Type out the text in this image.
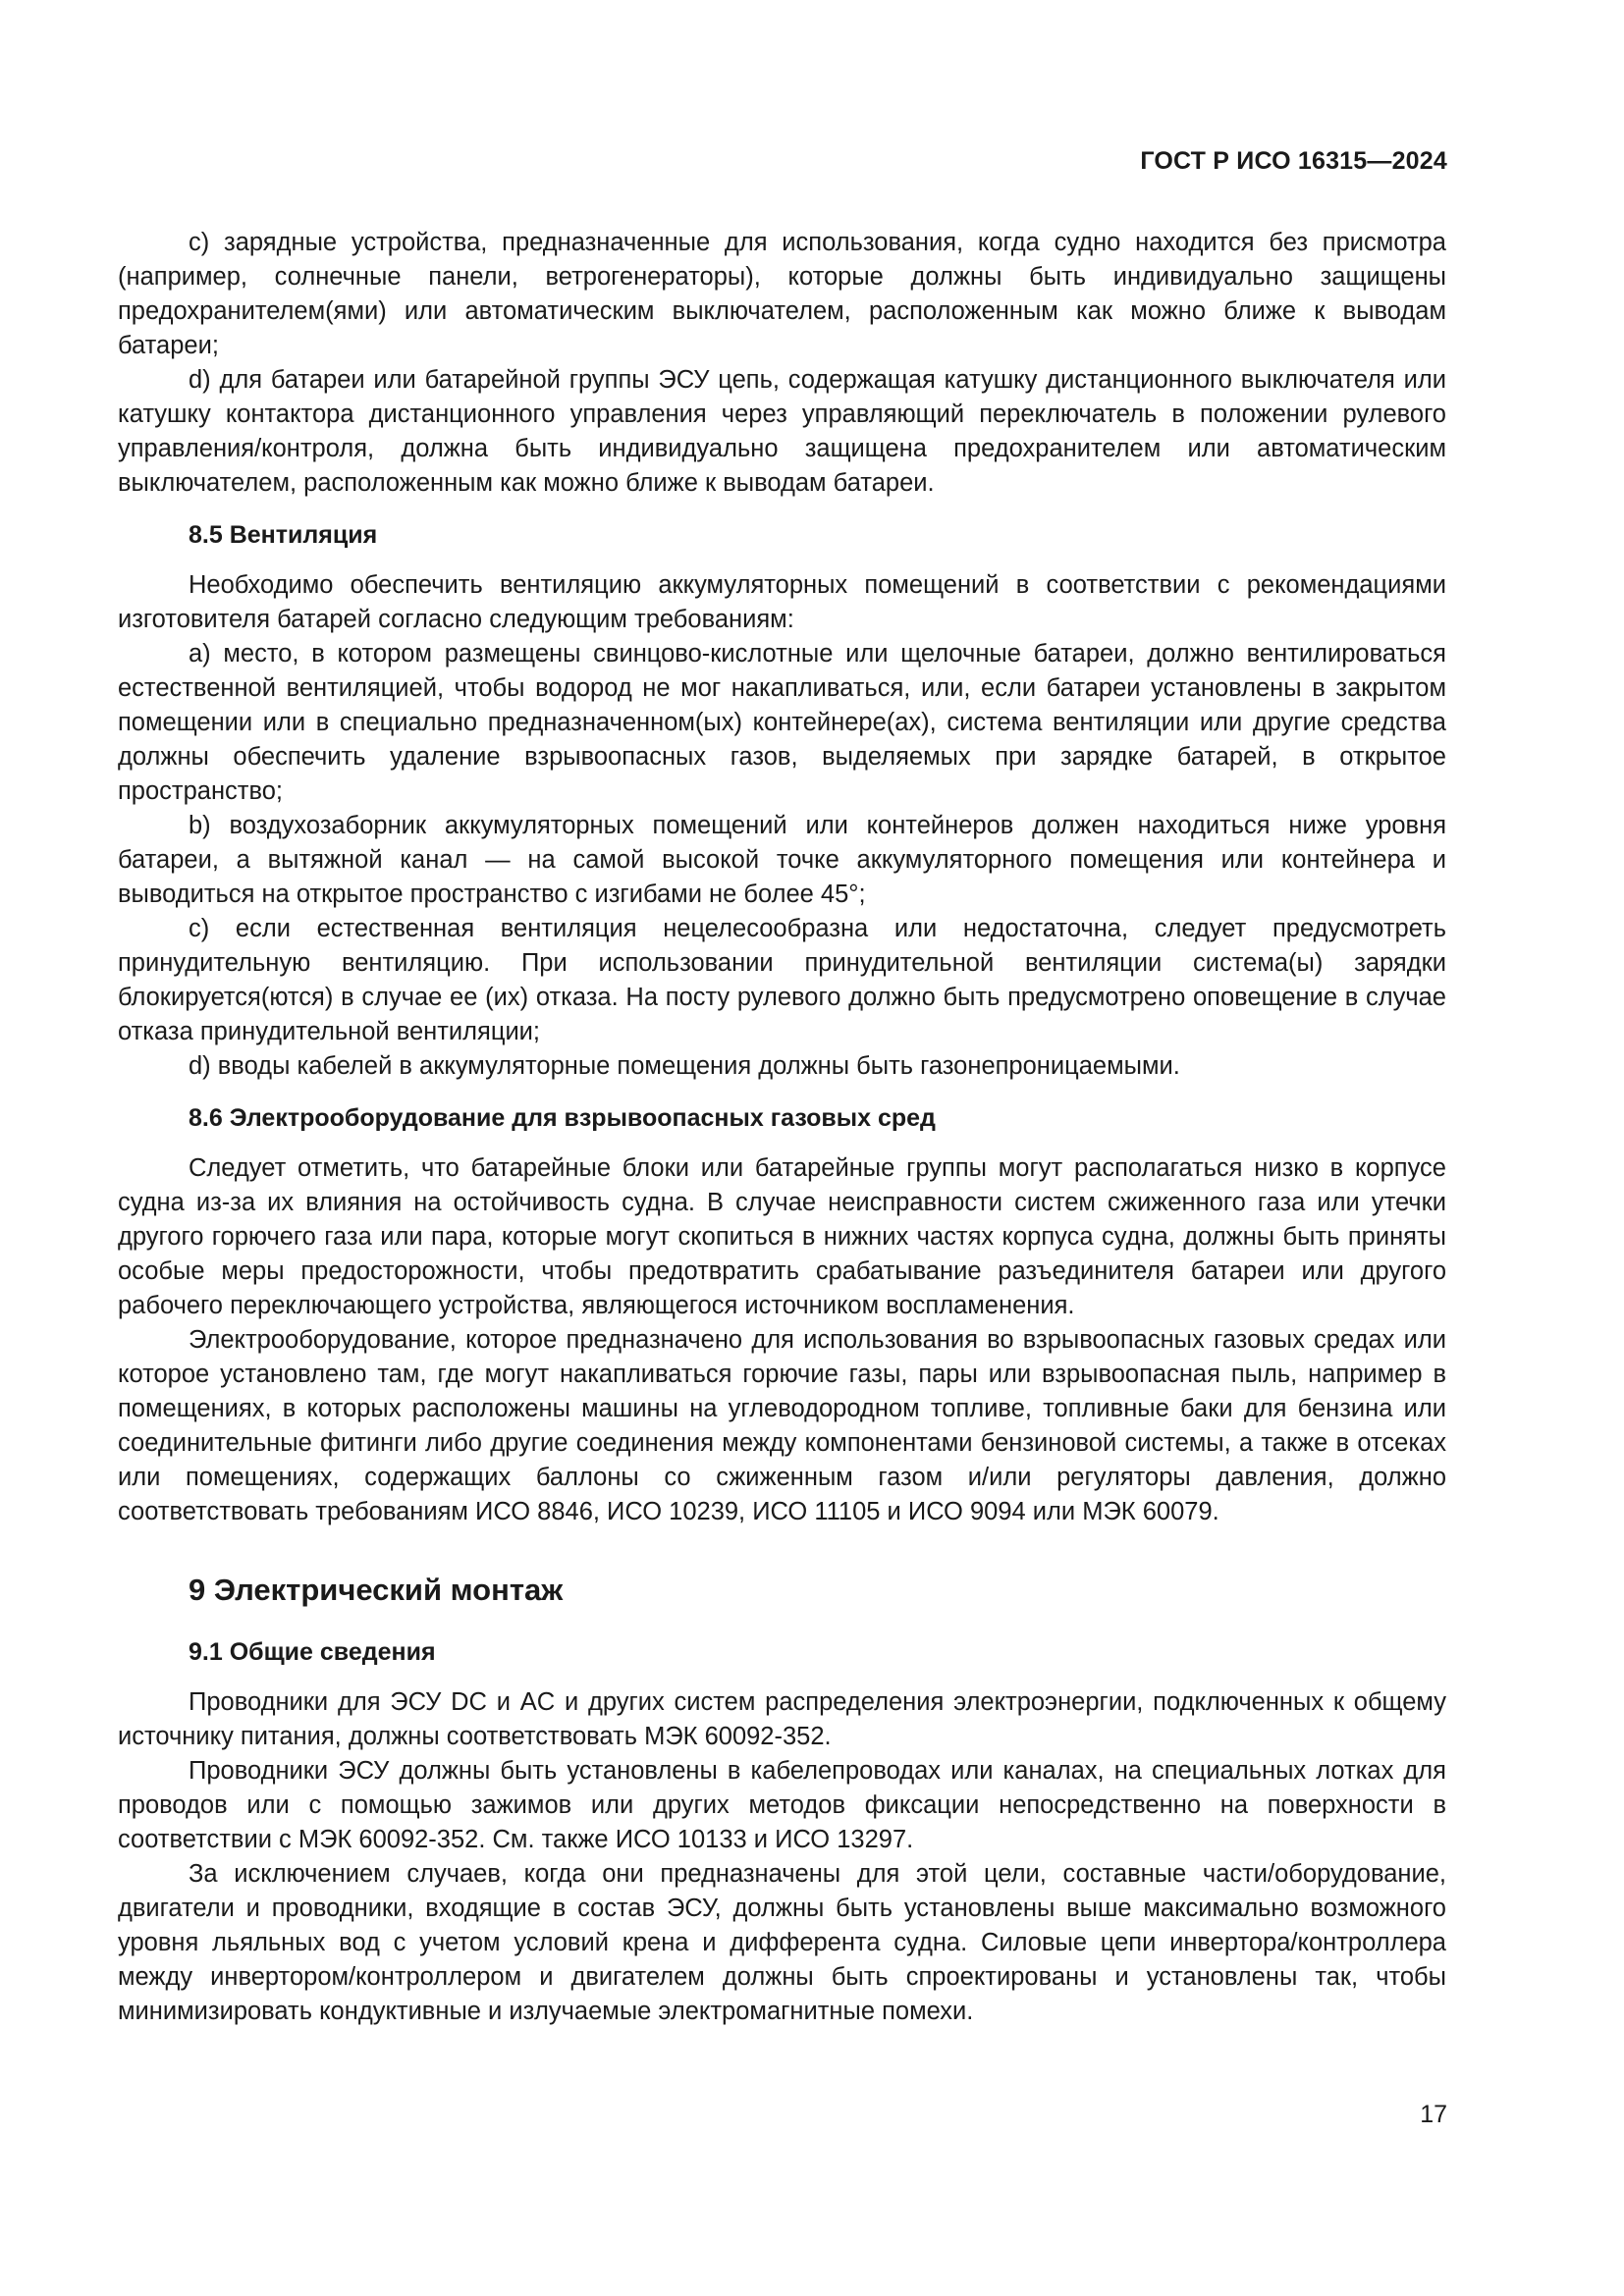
ГОСТ Р ИСО 16315—2024

c) зарядные устройства, предназначенные для использования, когда судно находится без присмотра (например, солнечные панели, ветрогенераторы), которые должны быть индивидуально защищены предохранителем(ями) или автоматическим выключателем, расположенным как можно ближе к выводам батареи;

d) для батареи или батарейной группы ЭСУ цепь, содержащая катушку дистанционного выключателя или катушку контактора дистанционного управления через управляющий переключатель в положении рулевого управления/контроля, должна быть индивидуально защищена предохранителем или автоматическим выключателем, расположенным как можно ближе к выводам батареи.

8.5 Вентиляция

Необходимо обеспечить вентиляцию аккумуляторных помещений в соответствии с рекомендациями изготовителя батарей согласно следующим требованиям:

a) место, в котором размещены свинцово-кислотные или щелочные батареи, должно вентилироваться естественной вентиляцией, чтобы водород не мог накапливаться, или, если батареи установлены в закрытом помещении или в специально предназначенном(ых) контейнере(ах), система вентиляции или другие средства должны обеспечить удаление взрывоопасных газов, выделяемых при зарядке батарей, в открытое пространство;

b) воздухозаборник аккумуляторных помещений или контейнеров должен находиться ниже уровня батареи, а вытяжной канал — на самой высокой точке аккумуляторного помещения или контейнера и выводиться на открытое пространство с изгибами не более 45°;

c) если естественная вентиляция нецелесообразна или недостаточна, следует предусмотреть принудительную вентиляцию. При использовании принудительной вентиляции система(ы) зарядки блокируется(ются) в случае ее (их) отказа. На посту рулевого должно быть предусмотрено оповещение в случае отказа принудительной вентиляции;

d) вводы кабелей в аккумуляторные помещения должны быть газонепроницаемыми.

8.6 Электрооборудование для взрывоопасных газовых сред

Следует отметить, что батарейные блоки или батарейные группы могут располагаться низко в корпусе судна из-за их влияния на остойчивость судна. В случае неисправности систем сжиженного газа или утечки другого горючего газа или пара, которые могут скопиться в нижних частях корпуса судна, должны быть приняты особые меры предосторожности, чтобы предотвратить срабатывание разъединителя батареи или другого рабочего переключающего устройства, являющегося источником воспламенения.

Электрооборудование, которое предназначено для использования во взрывоопасных газовых средах или которое установлено там, где могут накапливаться горючие газы, пары или взрывоопасная пыль, например в помещениях, в которых расположены машины на углеводородном топливе, топливные баки для бензина или соединительные фитинги либо другие соединения между компонентами бензиновой системы, а также в отсеках или помещениях, содержащих баллоны со сжиженным газом и/или регуляторы давления, должно соответствовать требованиям ИСО 8846, ИСО 10239, ИСО 11105 и ИСО 9094 или МЭК 60079.

9 Электрический монтаж
9.1 Общие сведения

Проводники для ЭСУ DC и AC и других систем распределения электроэнергии, подключенных к общему источнику питания, должны соответствовать МЭК 60092-352.

Проводники ЭСУ должны быть установлены в кабелепроводах или каналах, на специальных лотках для проводов или с помощью зажимов или других методов фиксации непосредственно на поверхности в соответствии с МЭК 60092-352. См. также ИСО 10133 и ИСО 13297.

За исключением случаев, когда они предназначены для этой цели, составные части/оборудование, двигатели и проводники, входящие в состав ЭСУ, должны быть установлены выше максимально возможного уровня льяльных вод с учетом условий крена и дифферента судна. Силовые цепи инвертора/контроллера между инвертором/контроллером и двигателем должны быть спроектированы и установлены так, чтобы минимизировать кондуктивные и излучаемые электромагнитные помехи.

17
